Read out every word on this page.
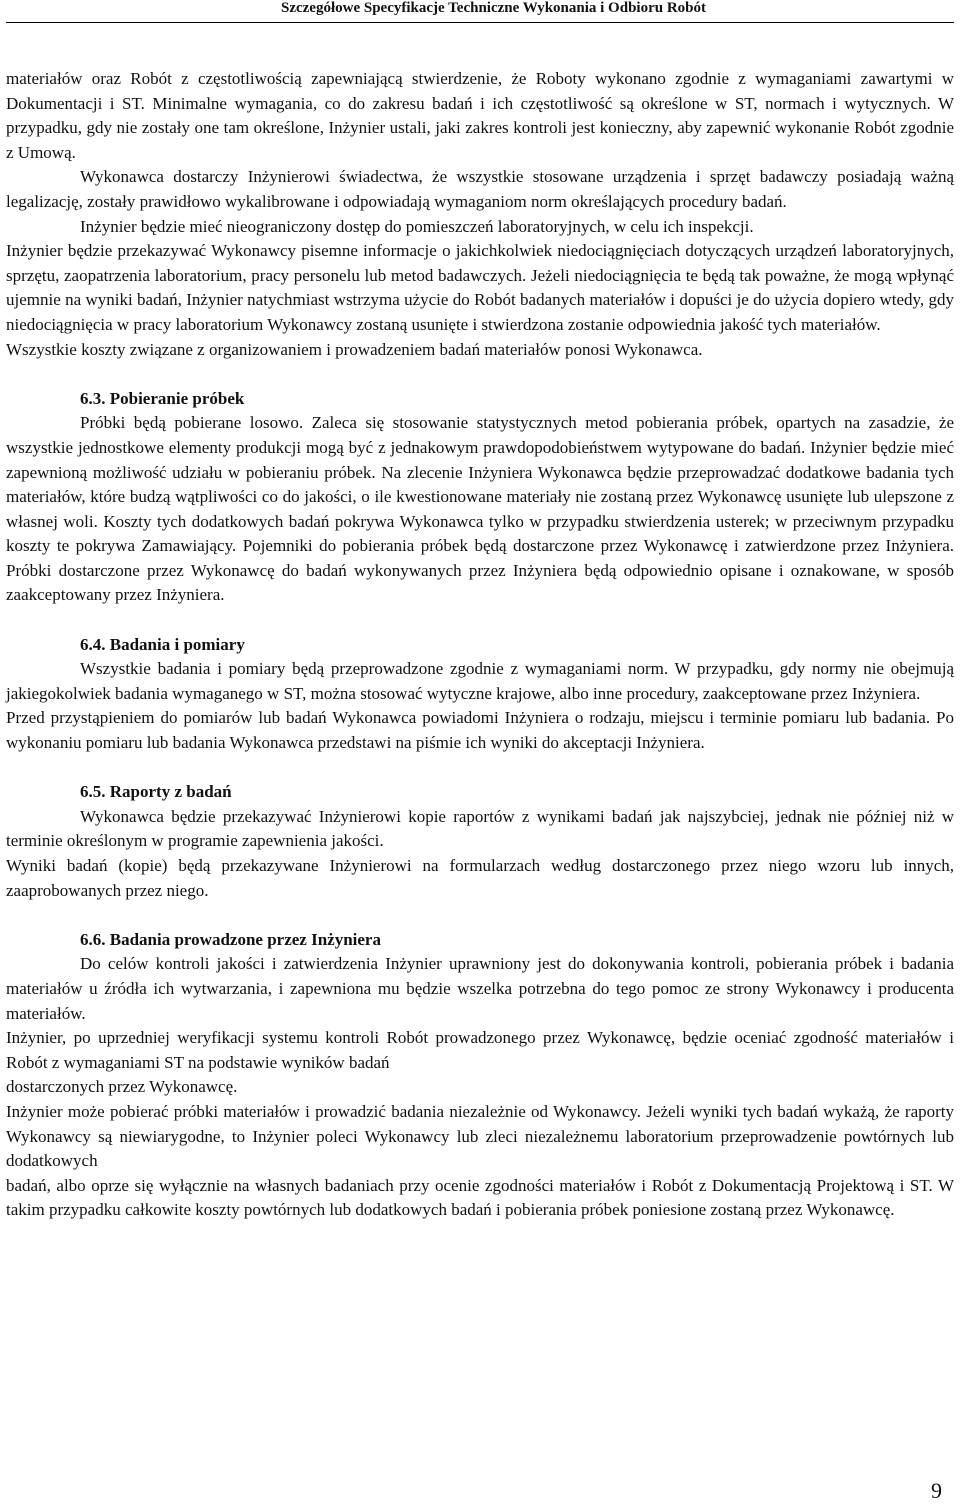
Szczegółowe Specyfikacje Techniczne Wykonania i Odbioru Robót

materiałów oraz Robót z częstotliwością zapewniającą stwierdzenie, że Roboty wykonano zgodnie z wymaganiami zawartymi w Dokumentacji i ST. Minimalne wymagania, co do zakresu badań i ich częstotliwość są określone w ST, normach i wytycznych. W przypadku, gdy nie zostały one tam określone, Inżynier ustali, jaki zakres kontroli jest konieczny, aby zapewnić wykonanie Robót zgodnie z Umową.

Wykonawca dostarczy Inżynierowi świadectwa, że wszystkie stosowane urządzenia i sprzęt badawczy posiadają ważną legalizację, zostały prawidłowo wykalibrowane i odpowiadają wymaganiom norm określających procedury badań.

Inżynier będzie mieć nieograniczony dostęp do pomieszczeń laboratoryjnych, w celu ich inspekcji.

Inżynier będzie przekazywać Wykonawcy pisemne informacje o jakichkolwiek niedociągnięciach dotyczących urządzeń laboratoryjnych, sprzętu, zaopatrzenia laboratorium, pracy personelu lub metod badawczych. Jeżeli niedociągnięcia te będą tak poważne, że mogą wpłynąć ujemnie na wyniki badań, Inżynier natychmiast wstrzyma użycie do Robót badanych materiałów i dopuści je do użycia dopiero wtedy, gdy niedociągnięcia w pracy laboratorium Wykonawcy zostaną usunięte i stwierdzona zostanie odpowiednia jakość tych materiałów.

Wszystkie koszty związane z organizowaniem i prowadzeniem badań materiałów ponosi Wykonawca.

6.3. Pobieranie próbek

Próbki będą pobierane losowo. Zaleca się stosowanie statystycznych metod pobierania próbek, opartych na zasadzie, że wszystkie jednostkowe elementy produkcji mogą być z jednakowym prawdopodobieństwem wytypowane do badań. Inżynier będzie mieć zapewnioną możliwość udziału w pobieraniu próbek. Na zlecenie Inżyniera Wykonawca będzie przeprowadzać dodatkowe badania tych materiałów, które budzą wątpliwości co do jakości, o ile kwestionowane materiały nie zostaną przez Wykonawcę usunięte lub ulepszone z własnej woli. Koszty tych dodatkowych badań pokrywa Wykonawca tylko w przypadku stwierdzenia usterek; w przeciwnym przypadku koszty te pokrywa Zamawiający. Pojemniki do pobierania próbek będą dostarczone przez Wykonawcę i zatwierdzone przez Inżyniera. Próbki dostarczone przez Wykonawcę do badań wykonywanych przez Inżyniera będą odpowiednio opisane i oznakowane, w sposób zaakceptowany przez Inżyniera.

6.4. Badania i pomiary

Wszystkie badania i pomiary będą przeprowadzone zgodnie z wymaganiami norm. W przypadku, gdy normy nie obejmują jakiegokolwiek badania wymaganego w ST, można stosować wytyczne krajowe, albo inne procedury, zaakceptowane przez Inżyniera.

Przed przystąpieniem do pomiarów lub badań Wykonawca powiadomi Inżyniera o rodzaju, miejscu i terminie pomiaru lub badania. Po wykonaniu pomiaru lub badania Wykonawca przedstawi na piśmie ich wyniki do akceptacji Inżyniera.

6.5. Raporty z badań

Wykonawca będzie przekazywać Inżynierowi kopie raportów z wynikami badań jak najszybciej, jednak nie później niż w terminie określonym w programie zapewnienia jakości.

Wyniki badań (kopie) będą przekazywane Inżynierowi na formularzach według dostarczonego przez niego wzoru lub innych, zaaprobowanych przez niego.

6.6. Badania prowadzone przez Inżyniera

Do celów kontroli jakości i zatwierdzenia Inżynier uprawniony jest do dokonywania kontroli, pobierania próbek i badania materiałów u źródła ich wytwarzania, i zapewniona mu będzie wszelka potrzebna do tego pomoc ze strony Wykonawcy i producenta materiałów.

Inżynier, po uprzedniej weryfikacji systemu kontroli Robót prowadzonego przez Wykonawcę, będzie oceniać zgodność materiałów i Robót z wymaganiami ST na podstawie wyników badań

dostarczonych przez Wykonawcę.

Inżynier może pobierać próbki materiałów i prowadzić badania niezależnie od Wykonawcy. Jeżeli wyniki tych badań wykażą, że raporty Wykonawcy są niewiarygodne, to Inżynier poleci Wykonawcy lub zleci niezależnemu laboratorium przeprowadzenie powtórnych lub dodatkowych

badań, albo oprze się wyłącznie na własnych badaniach przy ocenie zgodności materiałów i Robót z Dokumentacją Projektową i ST. W takim przypadku całkowite koszty powtórnych lub dodatkowych badań i pobierania próbek poniesione zostaną przez Wykonawcę.

9
